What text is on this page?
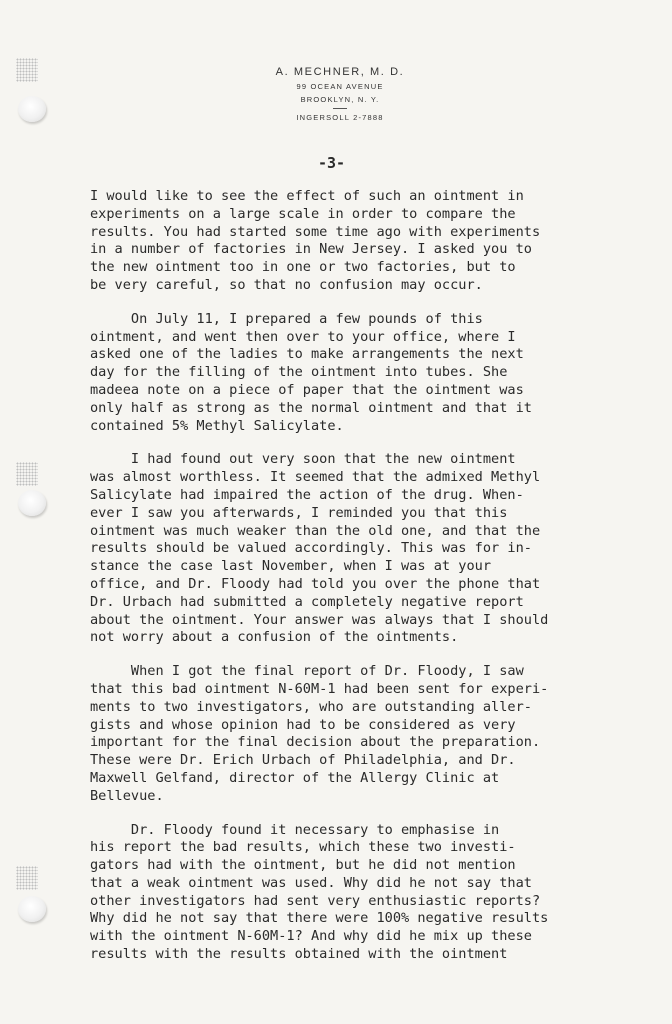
A. MECHNER, M. D.
99 OCEAN AVENUE
BROOKLYN, N. Y.
INGERSOLL 2-7888
-3-
I would like to see the effect of such an ointment in
experiments on a large scale in order to compare the
results. You had started some time ago with experiments
in a number of factories in New Jersey. I asked you to
the new ointment too in one or two factories, but to
be very careful, so that no confusion may occur.
On July 11, I prepared a few pounds of this
ointment, and went then over to your office, where I
asked one of the ladies to make arrangements the next
day for the filling of the ointment into tubes. She
madeea note on a piece of paper that the ointment was
only half as strong as the normal ointment and that it
contained 5% Methyl Salicylate.
I had found out very soon that the new ointment
was almost worthless. It seemed that the admixed Methyl
Salicylate had impaired the action of the drug. When-
ever I saw you afterwards, I reminded you that this
ointment was much weaker than the old one, and that the
results should be valued accordingly. This was for in-
stance the case last November, when I was at your
office, and Dr. Floody had told you over the phone that
Dr. Urbach had submitted a completely negative report
about the ointment. Your answer was always that I should
not worry about a confusion of the ointments.
When I got the final report of Dr. Floody, I saw
that this bad ointment N-60M-1 had been sent for experi-
ments to two investigators, who are outstanding aller-
gists and whose opinion had to be considered as very
important for the final decision about the preparation.
These were Dr. Erich Urbach of Philadelphia, and Dr.
Maxwell Gelfand, director of the Allergy Clinic at
Bellevue.
Dr. Floody found it necessary to emphasise in
his report the bad results, which these two investi-
gators had with the ointment, but he did not mention
that a weak ointment was used. Why did he not say that
other investigators had sent very enthusiastic reports?
Why did he not say that there were 100% negative results
with the ointment N-60M-1? And why did he mix up these
results with the results obtained with the ointment
